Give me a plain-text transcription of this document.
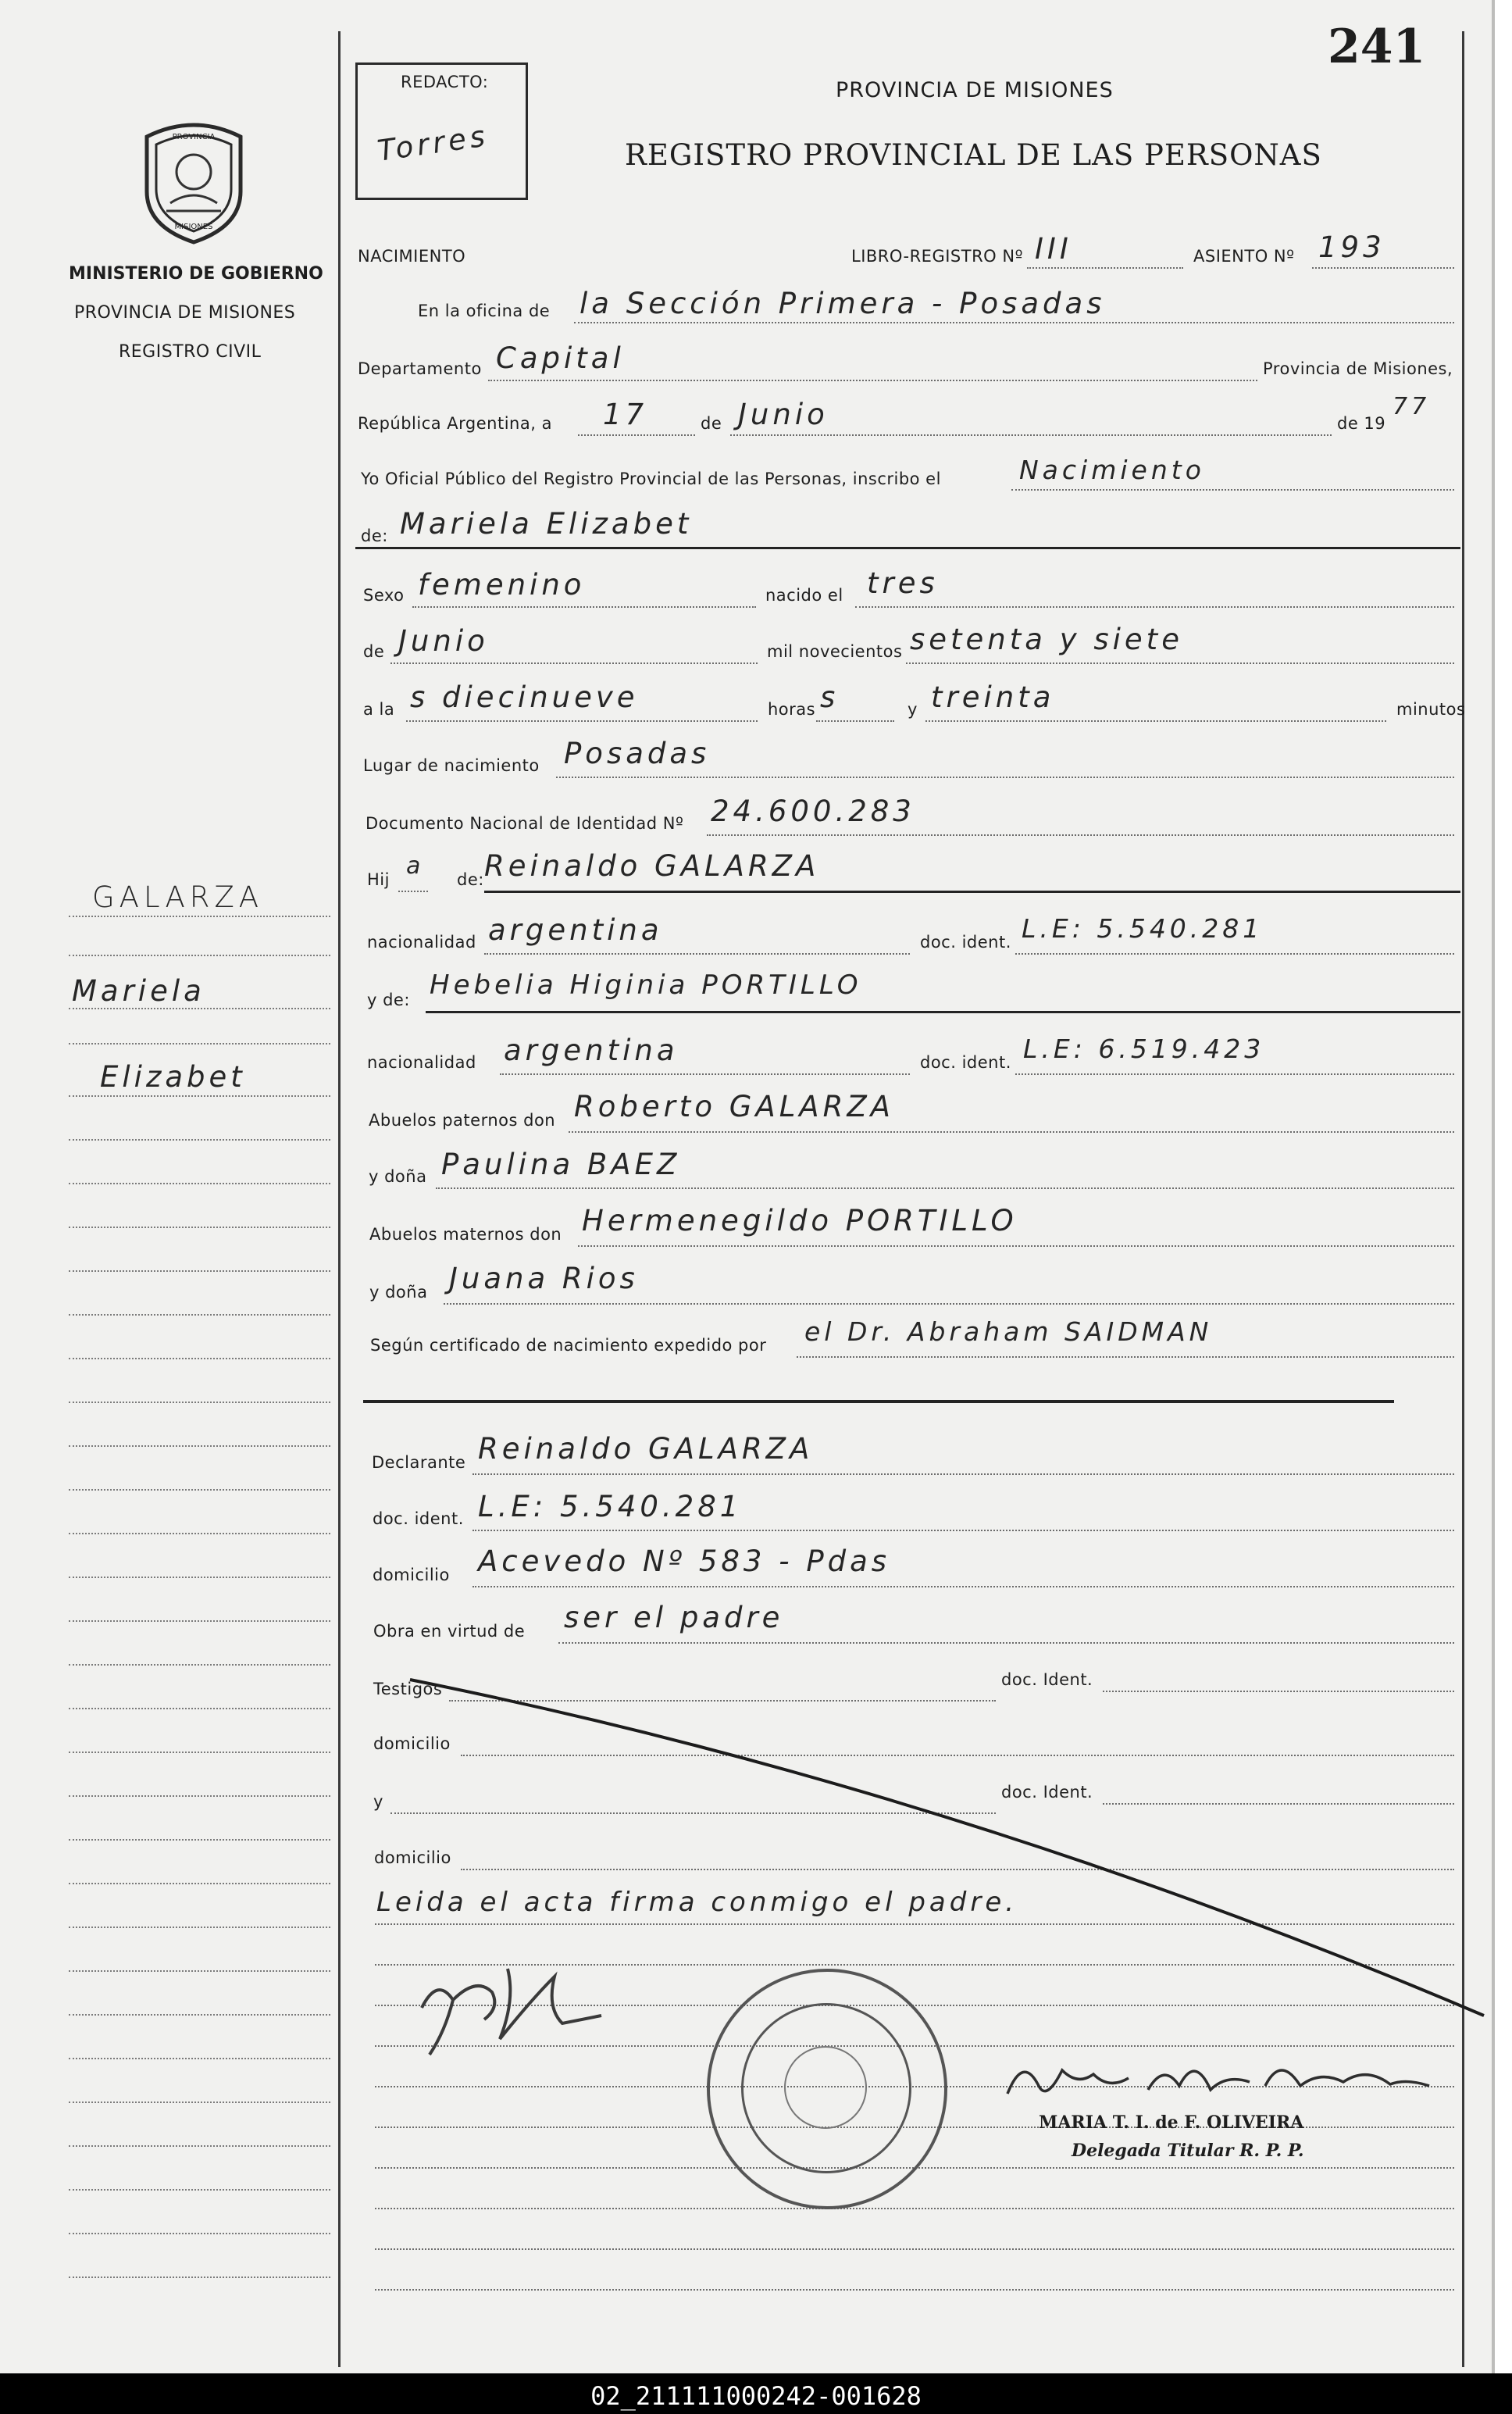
241
PROVINCIA
MISIONES
MINISTERIO DE GOBIERNO
PROVINCIA DE MISIONES
REGISTRO CIVIL
GALARZA
Mariela
Elizabet
REDACTO:
Torres
PROVINCIA DE MISIONES
REGISTRO PROVINCIAL DE LAS PERSONAS
NACIMIENTO	LIBRO-REGISTRO Nº III	ASIENTO Nº 193
En la oficina de la Sección Primera - Posadas
Departamento Capital	Provincia de Misiones,
República Argentina, a 17	de Junio	de 19
77
Yo Oficial Público del Registro Provincial de las Personas, inscribo el	Nacimiento
de: Mariela Elizabet
Sexo femenino	nacido el tres
de Junio	mil novecientos setenta y siete
a la s diecinueve	horas s	y treinta	minutos
Lugar de nacimiento Posadas
Documento Nacional de Identidad Nº 24.600.283
Hij a de: Reinaldo GALARZA
nacionalidad argentina	doc. ident. L.E: 5.540.281
y de: Hebelia Higinia PORTILLO
nacionalidad argentina	doc. ident. L.E: 6.519.423
Abuelos paternos don Roberto GALARZA
y doña Paulina BAEZ
Abuelos maternos don Hermenegildo PORTILLO
y doña Juana Rios
Según certificado de nacimiento expedido por el Dr. Abraham SAIDMAN
Declarante Reinaldo GALARZA
doc. ident. L.E: 5.540.281
domicilio Acevedo Nº 583 - Pdas
Obra en virtud de ser el padre
Testigos	doc. Ident.
domicilio
y	doc. Ident.
domicilio
Leida el acta firma conmigo el padre.
MARIA T. I. de F. OLIVEIRA
Delegada Titular R. P. P.
02_211111000242-001628
